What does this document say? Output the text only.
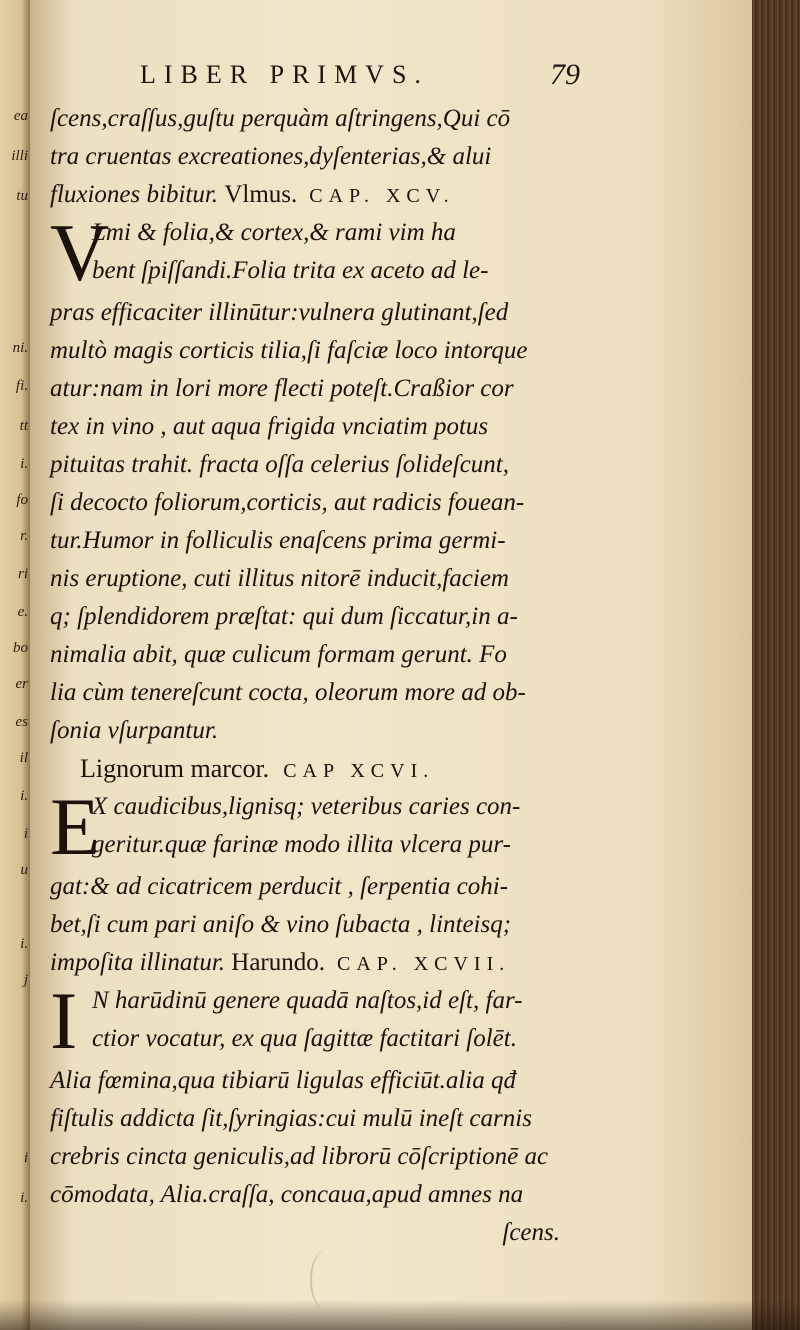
ea
illi
tu
ni.
fi.
tt
i.
fo
r.
ri
e.
bo
er
es
il
i.
i
u
i.
j
i
i.
LIBER PRIMVS.	79
ſcens,craſſus,guſtu perquàm aſtringens,Qui cō
tra cruentas excreationes,dyſenterias,& alui
fluxiones bibitur. Vlmus. CAP. XCV.
V
Lmi & folia,& cortex,& rami vim ha
bent ſpiſſandi.Folia trita ex aceto ad le-
pras efficaciter illinūtur:vulnera glutinant,ſed
multò magis corticis tilia,ſi faſciæ loco intorque
atur:nam in lori more flecti poteſt.Craßior cor
tex in vino , aut aqua frigida vnciatim potus
pituitas trahit. fracta oſſa celerius ſolideſcunt,
ſi decocto foliorum,corticis, aut radicis fouean-
tur.Humor in folliculis enaſcens prima germi-
nis eruptione, cuti illitus nitorē inducit,faciem
q; ſplendidorem præſtat: qui dum ſiccatur,in a-
nimalia abit, quæ culicum formam gerunt. Fo
lia cùm tenereſcunt cocta, oleorum more ad ob-
ſonia vſurpantur.
Lignorum marcor. CAP XCVI.
E
X caudicibus,lignisq; veteribus caries con-
geritur.quæ farinæ modo illita vlcera pur-
gat:& ad cicatricem perducit , ſerpentia cohi-
bet,ſi cum pari aniſo & vino ſubacta , linteisq;
impoſita illinatur. Harundo. CAP. XCVII.
I N harūdinū genere quadā naſtos,id eſt, far-
ctior vocatur, ex qua ſagittæ factitari ſolēt.
Alia fœmina,qua tibiarū ligulas efficiūt.alia qđ
fiſtulis addicta ſit,ſyringias:cui mulū ineſt carnis
crebris cincta geniculis,ad librorū cōſcriptionē ac
cōmodata, Alia.craſſa, concaua,apud amnes na
ſcens.
